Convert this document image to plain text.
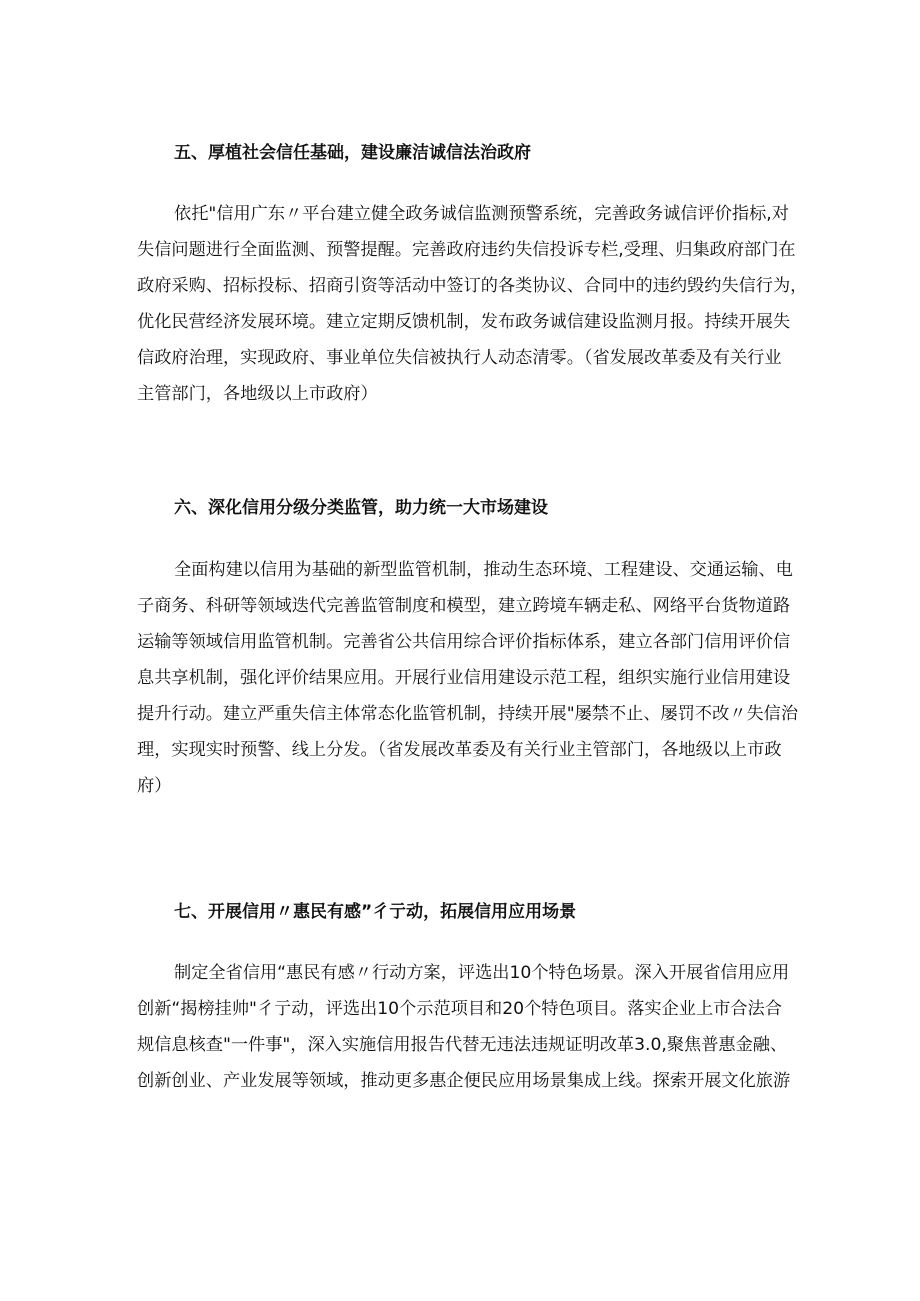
五、厚植社会信任基础，建设廉洁诚信法治政府
依托"信用广东〃平台建立健全政务诚信监测预警系统，完善政务诚信评价指标,对
失信问题进行全面监测、预警提醒。完善政府违约失信投诉专栏,受理、归集政府部门在
政府采购、招标投标、招商引资等活动中签订的各类协议、合同中的违约毁约失信行为，
优化民营经济发展环境。建立定期反馈机制，发布政务诚信建设监测月报。持续开展失
信政府治理，实现政府、事业单位失信被执行人动态清零。（省发展改革委及有关行业
主管部门，各地级以上市政府）
六、深化信用分级分类监管，助力统一大市场建设
全面构建以信用为基础的新型监管机制，推动生态环境、工程建设、交通运输、电
子商务、科研等领域迭代完善监管制度和模型，建立跨境车辆走私、网络平台货物道路
运输等领域信用监管机制。完善省公共信用综合评价指标体系，建立各部门信用评价信
息共享机制，强化评价结果应用。开展行业信用建设示范工程，组织实施行业信用建设
提升行动。建立严重失信主体常态化监管机制，持续开展"屡禁不止、屡罚不改〃失信治
理，实现实时预警、线上分发。（省发展改革委及有关行业主管部门，各地级以上市政
府）
七、开展信用〃惠民有感”彳亍动，拓展信用应用场景
制定全省信用“惠民有感〃行动方案，评选出10个特色场景。深入开展省信用应用
创新“揭榜挂帅"彳亍动，评选出10个示范项目和20个特色项目。落实企业上市合法合
规信息核查"一件事"，深入实施信用报告代替无违法违规证明改革3.0,聚焦普惠金融、
创新创业、产业发展等领域，推动更多惠企便民应用场景集成上线。探索开展文化旅游
